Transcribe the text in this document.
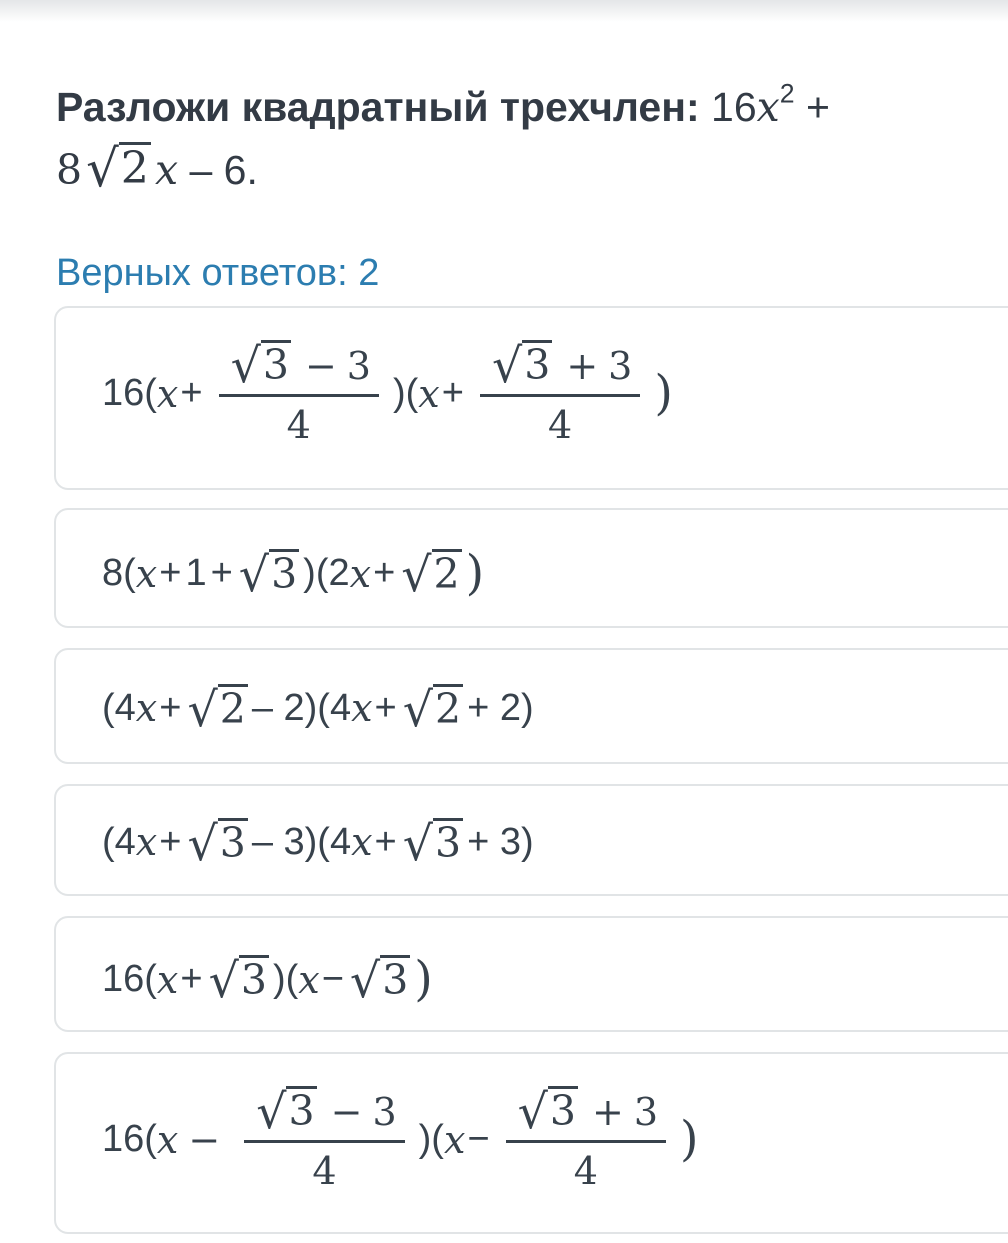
Разложи квадратный трехчлен: $16x^2$ +
8 √ 2 x – 6.
Верных ответов: 2
16( $x + \frac{√ 3 - 3}{4}$ )( $x + \frac{√ 3 + 3}{4}$ )
8( x + 1 + √ 3 )(2 x + √ 2 )
( 4 x + √ 2 – 2)(4 x + √ 2 + 2)
( 4 x + √ 3 – 3)(4 x + √ 3 + 3)
16( x + √ 3 )( x − √ 3 )
16( $x - \frac{√ 3 - 3}{4}$ )( $x - \frac{√ 3 + 3}{4}$ )
